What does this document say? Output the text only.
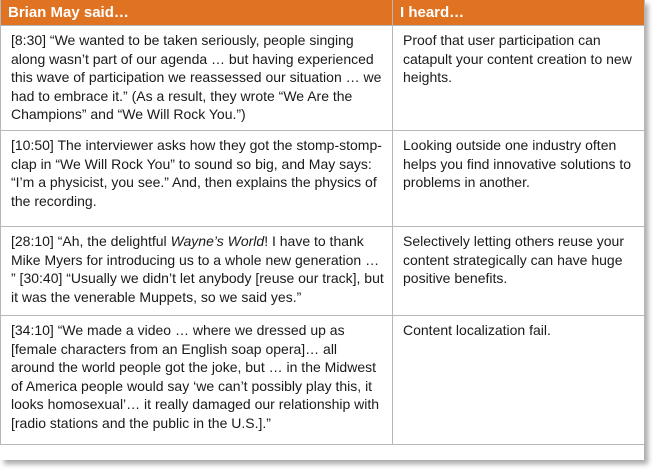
Brian May said…	I heard…
[8:30] “We wanted to be taken seriously, people singing along wasn’t part of our agenda … but having experienced this wave of participation we reassessed our situation … we had to embrace it.” (As a result, they wrote “We Are the Champions” and “We Will Rock You.”)	Proof that user participation can catapult your content creation to new heights.
[10:50] The interviewer asks how they got the stomp-stomp-clap in “We Will Rock You” to sound so big, and May says: “I’m a physicist, you see.” And, then explains the physics of the recording.	Looking outside one industry often helps you find innovative solutions to problems in another.
[28:10] “Ah, the delightful Wayne’s World! I have to thank Mike Myers for introducing us to a whole new generation … ” [30:40] “Usually we didn’t let anybody [reuse our track], but it was the venerable Muppets, so we said yes.”	Selectively letting others reuse your content strategically can have huge positive benefits.
[34:10] “We made a video … where we dressed up as [female characters from an English soap opera]… all around the world people got the joke, but … in the Midwest of America people would say ‘we can’t possibly play this, it looks homosexual’… it really damaged our relationship with [radio stations and the public in the U.S.].”	Content localization fail.
